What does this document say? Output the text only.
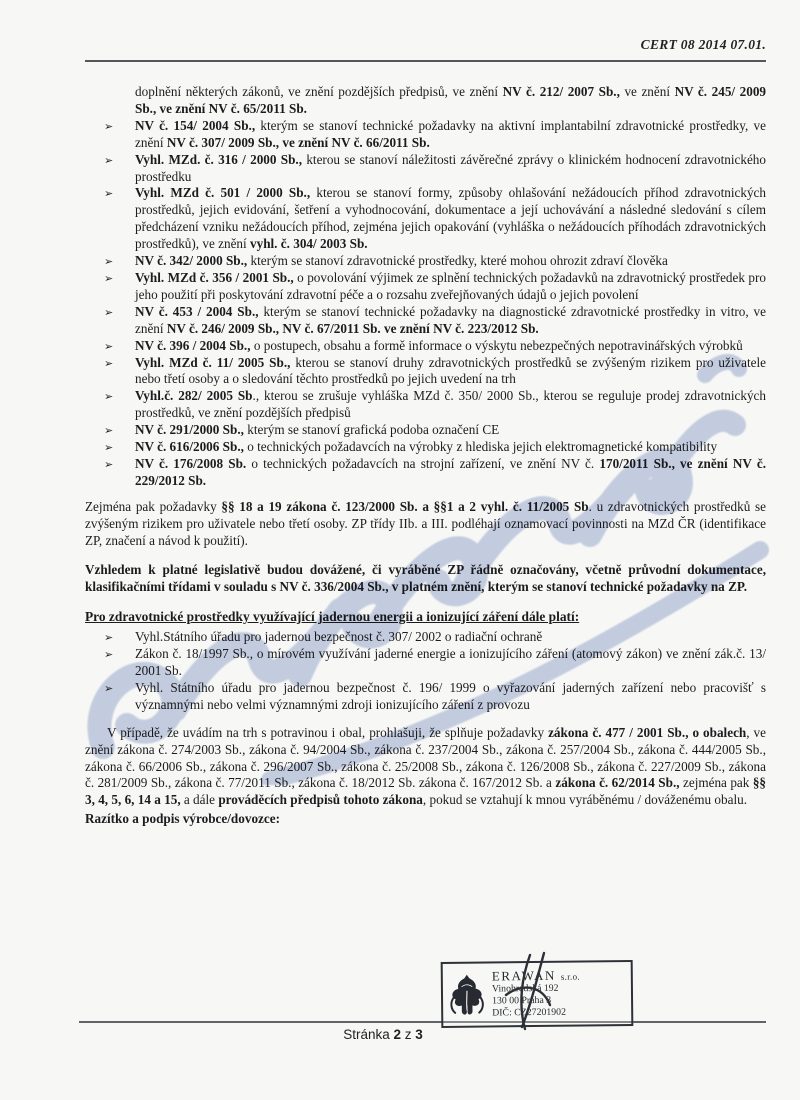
CERT 08 2014 07.01.

doplnění některých zákonů, ve znění pozdějších předpisů, ve znění NV č. 212/ 2007 Sb., ve znění NV č. 245/ 2009 Sb., ve znění NV č. 65/2011 Sb.

➢ NV č. 154/ 2004 Sb., kterým se stanoví technické požadavky na aktivní implantabilní zdravotnické prostředky, ve znění NV č. 307/ 2009 Sb., ve znění NV č. 66/2011 Sb.
➢ Vyhl. MZd. č. 316 / 2000 Sb., kterou se stanoví náležitosti závěrečné zprávy o klinickém hodnocení zdravotnického prostředku
➢ Vyhl. MZd č. 501 / 2000 Sb., kterou se stanoví formy, způsoby ohlašování nežádoucích příhod zdravotnických prostředků, jejich evidování, šetření a vyhodnocování, dokumentace a její uchovávání a následné sledování s cílem předcházení vzniku nežádoucích příhod, zejména jejich opakování (vyhláška o nežádoucích příhodách zdravotnických prostředků), ve znění vyhl. č. 304/ 2003 Sb.
➢ NV č. 342/ 2000 Sb., kterým se stanoví zdravotnické prostředky, které mohou ohrozit zdraví člověka
➢ Vyhl. MZd č. 356 / 2001 Sb., o povolování výjimek ze splnění technických požadavků na zdravotnický prostředek pro jeho použití při poskytování zdravotní péče a o rozsahu zveřejňovaných údajů o jejich povolení
➢ NV č. 453 / 2004 Sb., kterým se stanoví technické požadavky na diagnostické zdravotnické prostředky in vitro, ve znění NV č. 246/ 2009 Sb., NV č. 67/2011 Sb. ve znění NV č. 223/2012 Sb.
➢ NV č. 396 / 2004 Sb., o postupech, obsahu a formě informace o výskytu nebezpečných nepotravinářských výrobků
➢ Vyhl. MZd č. 11/ 2005 Sb., kterou se stanoví druhy zdravotnických prostředků se zvýšeným rizikem pro uživatele nebo třetí osoby a o sledování těchto prostředků po jejich uvedení na trh
➢ Vyhl.č. 282/ 2005 Sb., kterou se zrušuje vyhláška MZd č. 350/ 2000 Sb., kterou se reguluje prodej zdravotnických prostředků, ve znění pozdějších předpisů
➢ NV č. 291/2000 Sb., kterým se stanoví grafická podoba označení CE
➢ NV č. 616/2006 Sb., o technických požadavcích na výrobky z hlediska jejich elektromagnetické kompatibility
➢ NV č. 176/2008 Sb. o technických požadavcích na strojní zařízení, ve znění NV č. 170/2011 Sb., ve znění NV č. 229/2012 Sb.

Zejména pak požadavky §§ 18 a 19 zákona č. 123/2000 Sb. a §§1 a 2 vyhl. č. 11/2005 Sb. u zdravotnických prostředků se zvýšeným rizikem pro uživatele nebo třetí osoby. ZP třídy IIb. a III. podléhají oznamovací povinnosti na MZd ČR (identifikace ZP, značení a návod k použití).

Vzhledem k platné legislativě budou dovážené, či vyráběné ZP řádně označovány, včetně průvodní dokumentace, klasifikačními třídami v souladu s NV č. 336/2004 Sb., v platném znění, kterým se stanoví technické požadavky na ZP.

Pro zdravotnické prostředky využívající jadernou energii a ionizující záření dále platí:
➢ Vyhl.Státního úřadu pro jadernou bezpečnost č. 307/ 2002 o radiační ochraně
➢ Zákon č. 18/1997 Sb., o mírovém využívání jaderné energie a ionizujícího záření (atomový zákon) ve znění zák.č. 13/ 2001 Sb.
➢ Vyhl. Státního úřadu pro jadernou bezpečnost č. 196/ 1999 o vyřazování jaderných zařízení nebo pracovišť s významnými nebo velmi významnými zdroji ionizujícího záření z provozu

V případě, že uvádím na trh s potravinou i obal, prohlašuji, že splňuje požadavky zákona č. 477 / 2001 Sb., o obalech, ve znění zákona č. 274/2003 Sb., zákona č. 94/2004 Sb., zákona č. 237/2004 Sb., zákona č. 257/2004 Sb., zákona č. 444/2005 Sb., zákona č. 66/2006 Sb., zákona č. 296/2007 Sb., zákona č. 25/2008 Sb., zákona č. 126/2008 Sb., zákona č. 227/2009 Sb., zákona č. 281/2009 Sb., zákona č. 77/2011 Sb., zákona č. 18/2012 Sb. zákona č. 167/2012 Sb. a zákona č. 62/2014 Sb., zejména pak §§ 3, 4, 5, 6, 14 a 15, a dále prováděcích předpisů tohoto zákona, pokud se vztahují k mnou vyráběnému / dováženému obalu.

Razítko a podpis výrobce/dovozce:

ERAWAN s.r.o.
Vinohradská 192
130 00 Praha 3
DIČ: CZ27201902
Stránka 2 z 3
